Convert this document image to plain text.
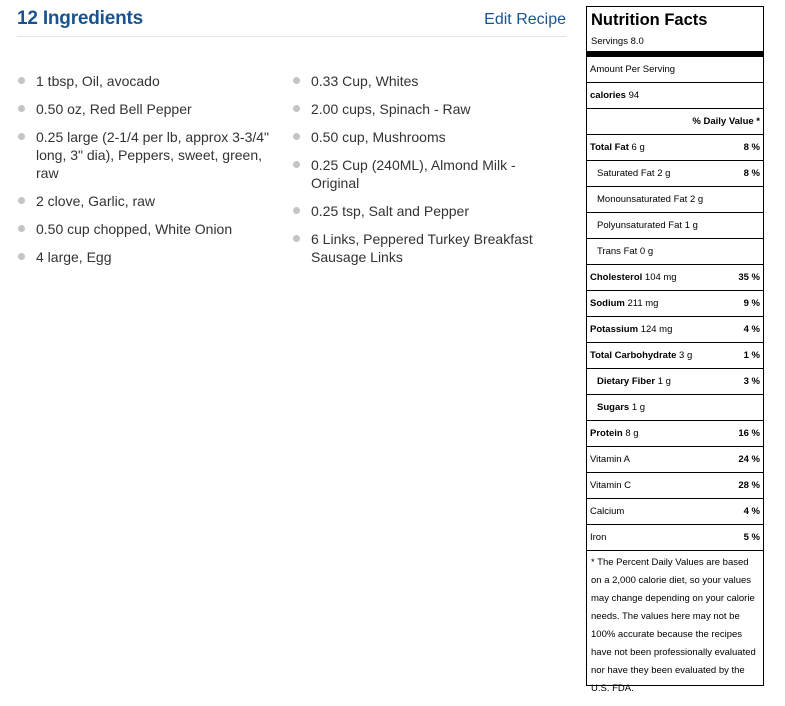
12 Ingredients	Edit Recipe
1 tbsp, Oil, avocado
0.50 oz, Red Bell Pepper
0.25 large (2-1/4 per lb, approx 3-3/4" long, 3" dia), Peppers, sweet, green, raw
2 clove, Garlic, raw
0.50 cup chopped, White Onion
4 large, Egg
0.33 Cup, Whites
2.00 cups, Spinach - Raw
0.50 cup, Mushrooms
0.25 Cup (240ML), Almond Milk - Original
0.25 tsp, Salt and Pepper
6 Links, Peppered Turkey Breakfast Sausage Links
Nutrition Facts
Servings 8.0
Amount Per Serving
calories 94
% Daily Value *
Total Fat 6 g	8 %
Saturated Fat 2 g	8 %
Monounsaturated Fat 2 g
Polyunsaturated Fat 1 g
Trans Fat 0 g
Cholesterol 104 mg	35 %
Sodium 211 mg	9 %
Potassium 124 mg	4 %
Total Carbohydrate 3 g	1 %
Dietary Fiber 1 g	3 %
Sugars 1 g
Protein 8 g	16 %
Vitamin A	24 %
Vitamin C	28 %
Calcium	4 %
Iron	5 %
* The Percent Daily Values are based on a 2,000 calorie diet, so your values may change depending on your calorie needs. The values here may not be 100% accurate because the recipes have not been professionally evaluated nor have they been evaluated by the U.S. FDA.
